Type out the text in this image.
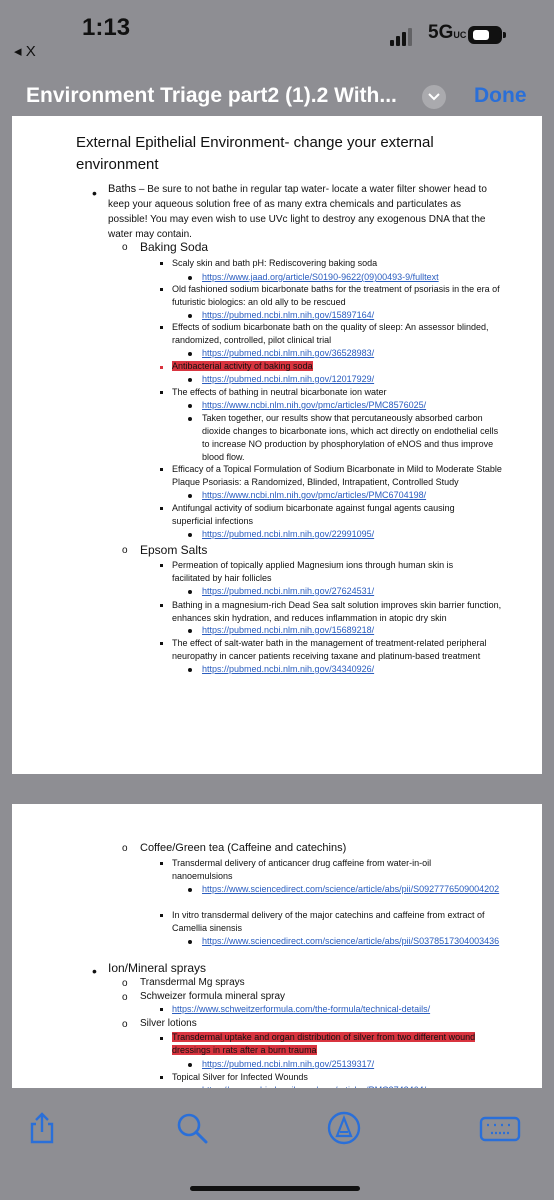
1:13
◂ X
5GUC
Environment Triage part2 (1).2 With...	Done
External Epithelial Environment- change your external environment
• Baths – Be sure to not bathe in regular tap water- locate a water filter shower head to keep your aqueous solution free of as many extra chemicals and particulates as possible! You may even wish to use UVc light to destroy any exogenous DNA that the water may contain.
o Baking Soda
Scaly skin and bath pH: Rediscovering baking soda
https://www.jaad.org/article/S0190-9622(09)00493-9/fulltext
Old fashioned sodium bicarbonate baths for the treatment of psoriasis in the era of futuristic biologics: an old ally to be rescued
https://pubmed.ncbi.nlm.nih.gov/15897164/
Effects of sodium bicarbonate bath on the quality of sleep: An assessor blinded, randomized, controlled, pilot clinical trial
https://pubmed.ncbi.nlm.nih.gov/36528983/
Antibacterial activity of baking soda
https://pubmed.ncbi.nlm.nih.gov/12017929/
The effects of bathing in neutral bicarbonate ion water
https://www.ncbi.nlm.nih.gov/pmc/articles/PMC8576025/
Taken together, our results show that percutaneously absorbed carbon dioxide changes to bicarbonate ions, which act directly on endothelial cells to increase NO production by phosphorylation of eNOS and thus improve blood flow.
Efficacy of a Topical Formulation of Sodium Bicarbonate in Mild to Moderate Stable Plaque Psoriasis: a Randomized, Blinded, Intrapatient, Controlled Study
https://www.ncbi.nlm.nih.gov/pmc/articles/PMC6704198/
Antifungal activity of sodium bicarbonate against fungal agents causing superficial infections
https://pubmed.ncbi.nlm.nih.gov/22991095/
o Epsom Salts
Permeation of topically applied Magnesium ions through human skin is facilitated by hair follicles
https://pubmed.ncbi.nlm.nih.gov/27624531/
Bathing in a magnesium-rich Dead Sea salt solution improves skin barrier function, enhances skin hydration, and reduces inflammation in atopic dry skin
https://pubmed.ncbi.nlm.nih.gov/15689218/
The effect of salt-water bath in the management of treatment-related peripheral neuropathy in cancer patients receiving taxane and platinum-based treatment
https://pubmed.ncbi.nlm.nih.gov/34340926/
o Coffee/Green tea (Caffeine and catechins)
Transdermal delivery of anticancer drug caffeine from water-in-oil nanoemulsions
https://www.sciencedirect.com/science/article/abs/pii/S0927776509004202
In vitro transdermal delivery of the major catechins and caffeine from extract of Camellia sinensis
https://www.sciencedirect.com/science/article/abs/pii/S0378517304003436
• Ion/Mineral sprays
o Transdermal Mg sprays
o Schweizer formula mineral spray
https://www.schweitzerformula.com/the-formula/technical-details/
o Silver lotions
Transdermal uptake and organ distribution of silver from two different wound dressings in rats after a burn trauma
https://pubmed.ncbi.nlm.nih.gov/25139317/
Topical Silver for Infected Wounds
